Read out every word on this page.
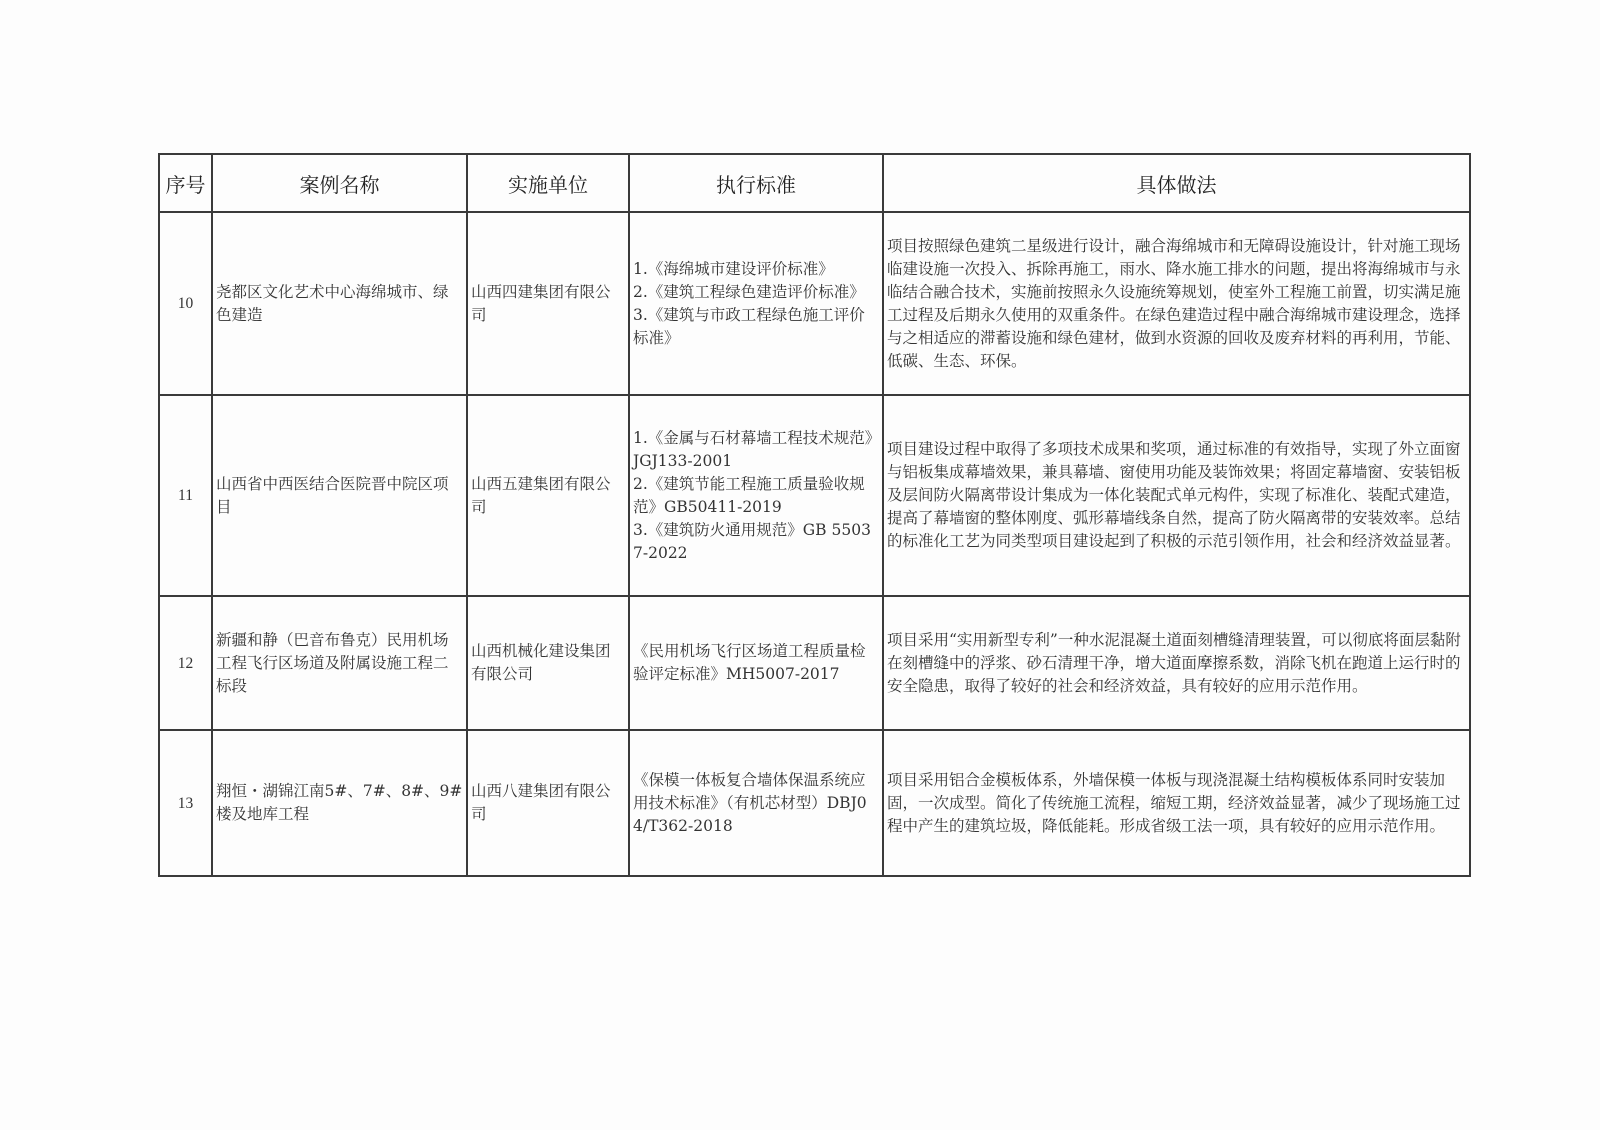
序号	案例名称	实施单位	执行标准	具体做法
10	尧都区文化艺术中心海绵城市、绿色建造	山西四建集团有限公司	1.《海绵城市建设评价标准》
2.《建筑工程绿色建造评价标准》
3.《建筑与市政工程绿色施工评价标准》	项目按照绿色建筑二星级进行设计，融合海绵城市和无障碍设施设计，针对施工现场临建设施一次投入、拆除再施工，雨水、降水施工排水的问题，提出将海绵城市与永临结合融合技术，实施前按照永久设施统筹规划，使室外工程施工前置，切实满足施工过程及后期永久使用的双重条件。在绿色建造过程中融合海绵城市建设理念，选择与之相适应的滞蓄设施和绿色建材，做到水资源的回收及废弃材料的再利用，节能、低碳、生态、环保。
11	山西省中西医结合医院晋中院区项目	山西五建集团有限公司	1.《金属与石材幕墙工程技术规范》JGJ133-2001
2.《建筑节能工程施工质量验收规范》GB50411-2019
3.《建筑防火通用规范》GB 55037-2022	项目建设过程中取得了多项技术成果和奖项，通过标准的有效指导，实现了外立面窗与铝板集成幕墙效果，兼具幕墙、窗使用功能及装饰效果；将固定幕墙窗、安装铝板及层间防火隔离带设计集成为一体化装配式单元构件，实现了标准化、装配式建造，提高了幕墙窗的整体刚度、弧形幕墙线条自然，提高了防火隔离带的安装效率。总结的标准化工艺为同类型项目建设起到了积极的示范引领作用，社会和经济效益显著。
12	新疆和静（巴音布鲁克）民用机场工程飞行区场道及附属设施工程二标段	山西机械化建设集团有限公司	《民用机场飞行区场道工程质量检验评定标准》MH5007-2017	项目采用“实用新型专利”一种水泥混凝土道面刻槽缝清理装置，可以彻底将面层黏附在刻槽缝中的浮浆、砂石清理干净，增大道面摩擦系数，消除飞机在跑道上运行时的安全隐患，取得了较好的社会和经济效益，具有较好的应用示范作用。
13	翔恒・湖锦江南5#、7#、8#、9#楼及地库工程	山西八建集团有限公司	《保模一体板复合墙体保温系统应用技术标准》（有机芯材型）DBJ04/T362-2018	项目采用铝合金模板体系，外墙保模一体板与现浇混凝土结构模板体系同时安装加固，一次成型。简化了传统施工流程，缩短工期，经济效益显著，减少了现场施工过程中产生的建筑垃圾，降低能耗。形成省级工法一项，具有较好的应用示范作用。
